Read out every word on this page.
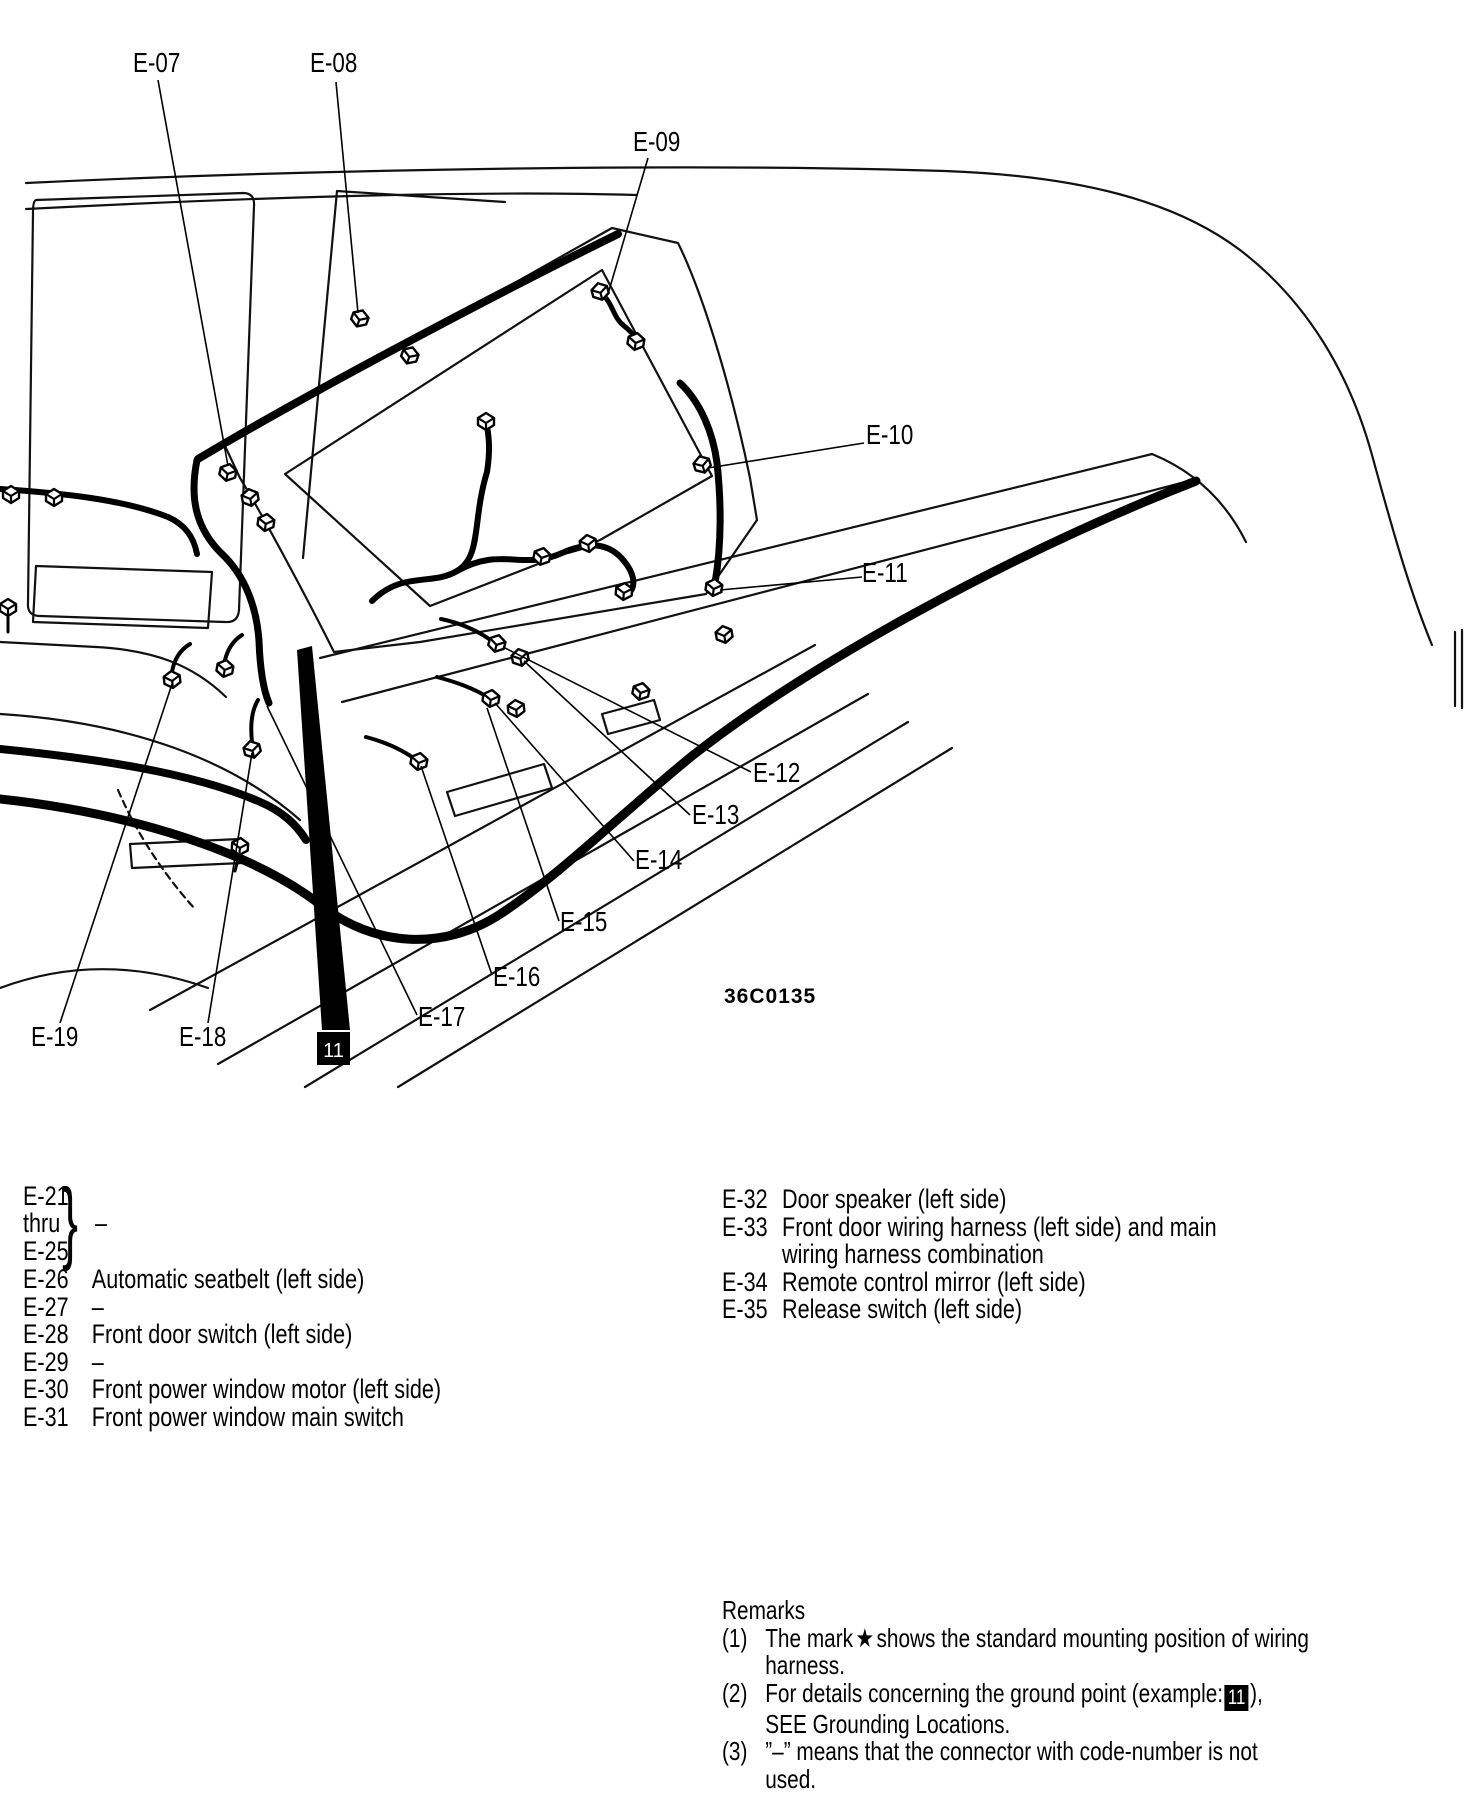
11
36C0135
E-07	E-08
E-09
E-10
E-11
E-12
E-13
E-14
E-15
E-16
E-17
E-18
E-19
E-21
thru
E-25
} –
E-26 Automatic seatbelt (left side)
E-27 –
E-28 Front door switch (left side)
E-29 –
E-30 Front power window motor (left side)
E-31 Front power window main switch
E-32 Door speaker (left side)
E-33 Front door wiring harness (left side) and main wiring harness combination
E-34 Remote control mirror (left side)
E-35 Release switch (left side)
Remarks
(1) The mark★shows the standard mounting position of wiring
harness.
(2) For details concerning the ground point (example: 11 ),
SEE Grounding Locations.
(3) ”–” means that the connector with code-number is not
used.
